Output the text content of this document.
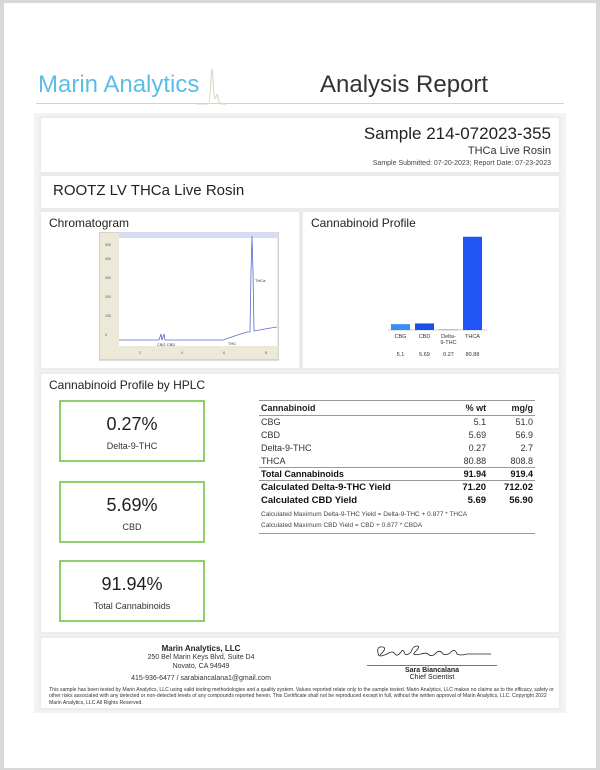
Marin Analytics	Analysis Report
Sample 214-072023-355
THCa Live Rosin
Sample Submitted: 07-20-2023; Report Date: 07-23-2023
ROOTZ LV THCa Live Rosin
Chromatogram
0
100
200
300
400
500
2	4	6	8
CBG CBD	THC
THCa
Cannabinoid Profile
CBG
5.1
CBD
5.69
Delta-
9-THC
0.27
THCA
80.88
Cannabinoid Profile by HPLC
0.27%
Delta-9-THC
5.69%
CBD
91.94%
Total Cannabinoids
Cannabinoid	% wt	mg/g
CBG	5.1	51.0
CBD	5.69	56.9
Delta-9-THC	0.27	2.7
THCA	80.88	808.8
Total Cannabinoids	91.94	919.4
Calculated Delta-9-THC Yield	71.20	712.02
Calculated CBD Yield	5.69	56.90
Calculated Maximum Delta-9-THC Yield = Delta-9-THC + 0.877 * THCA		
Calculated Maximum CBD Yield = CBD + 0.877 * CBDA		
Marin Analytics, LLC
250 Bel Marin Keys Blvd, Suite D4
Novato, CA 94949
415-936-6477 / sarabiancalana1@gmail.com
Sara Biancalana
Chief Scientist
This sample has been tested by Marin Analytics, LLC using valid testing methodologies and a quality system. Values reported relate only to the sample tested. Marin Analytics, LLC makes no claims as to the efficacy, safety or other risks associated with any detected or non-detected levels of any compounds reported herein. This Certificate shall not be reproduced except in full, without the written approval of Marin Analytics, LLC. Copyright 2022 Marin Analytics, LLC All Rights Reserved.
